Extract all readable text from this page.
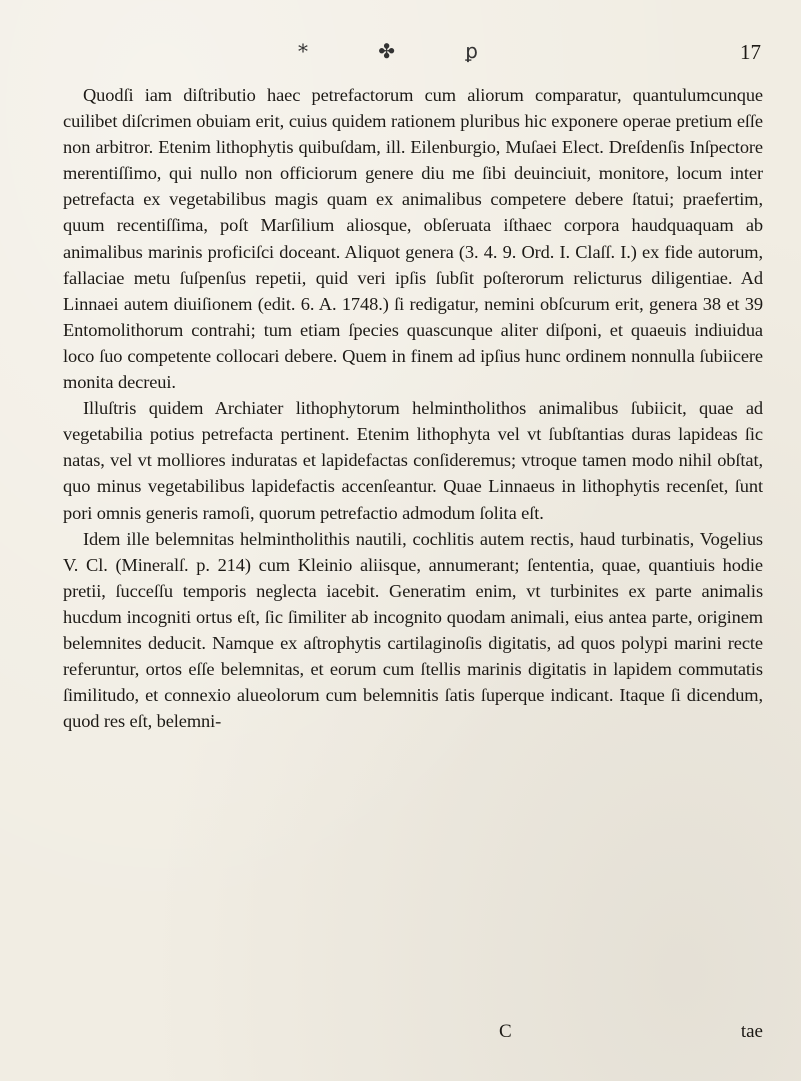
*	✤	ꝑ	17

Quodſi iam diſtributio haec petrefactorum cum aliorum comparatur, quantulumcunque cuilibet diſcrimen obuiam erit, cuius quidem rationem pluribus hic exponere operae pretium eſſe non arbitror. Etenim lithophytis quibuſdam, ill. Eilenburgio, Muſaei Elect. Dreſdenſis Inſpectore merentiſſimo, qui nullo non officiorum genere diu me ſibi deuinciuit, monitore, locum inter petrefacta ex vegetabilibus magis quam ex animalibus competere debere ſtatui; praefertim, quum recentiſſima, poſt Marſilium aliosque, obſeruata iſthaec corpora haudquaquam ab animalibus marinis proficiſci doceant. Aliquot genera (3. 4. 9. Ord. I. Claſſ. I.) ex fide autorum, fallaciae metu ſuſpenſus repetii, quid veri ipſis ſubſit poſterorum relicturus diligentiae. Ad Linnaei autem diuiſionem (edit. 6. A. 1748.) ſi redigatur, nemini obſcurum erit, genera 38 et 39 Entomolithorum contrahi; tum etiam ſpecies quascunque aliter diſponi, et quaeuis indiuidua loco ſuo competente collocari debere. Quem in finem ad ipſius hunc ordinem nonnulla ſubiicere monita decreui.

Illuſtris quidem Archiater lithophytorum helmintholithos animalibus ſubiicit, quae ad vegetabilia potius petrefacta pertinent. Etenim lithophyta vel vt ſubſtantias duras lapideas ſic natas, vel vt molliores induratas et lapidefactas conſideremus; vtroque tamen modo nihil obſtat, quo minus vegetabilibus lapidefactis accenſeantur. Quae Linnaeus in lithophytis recenſet, ſunt pori omnis generis ramoſi, quorum petrefactio admodum ſolita eſt.

Idem ille belemnitas helmintholithis nautili, cochlitis autem rectis, haud turbinatis, Vogelius V. Cl. (Mineralſ. p. 214) cum Kleinio aliisque, annumerant; ſententia, quae, quantiuis hodie pretii, ſucceſſu temporis neglecta iacebit. Generatim enim, vt turbinites ex parte animalis hucdum incogniti ortus eſt, ſic ſimiliter ab incognito quodam animali, eius antea parte, originem belemnites deducit. Namque ex aſtrophytis cartilaginoſis digitatis, ad quos polypi marini recte referuntur, ortos eſſe belemnitas, et eorum cum ſtellis marinis digitatis in lapidem commutatis ſimilitudo, et connexio alueolorum cum belemnitis ſatis ſuperque indicant. Itaque ſi dicendum, quod res eſt, belemni-

C	tae
